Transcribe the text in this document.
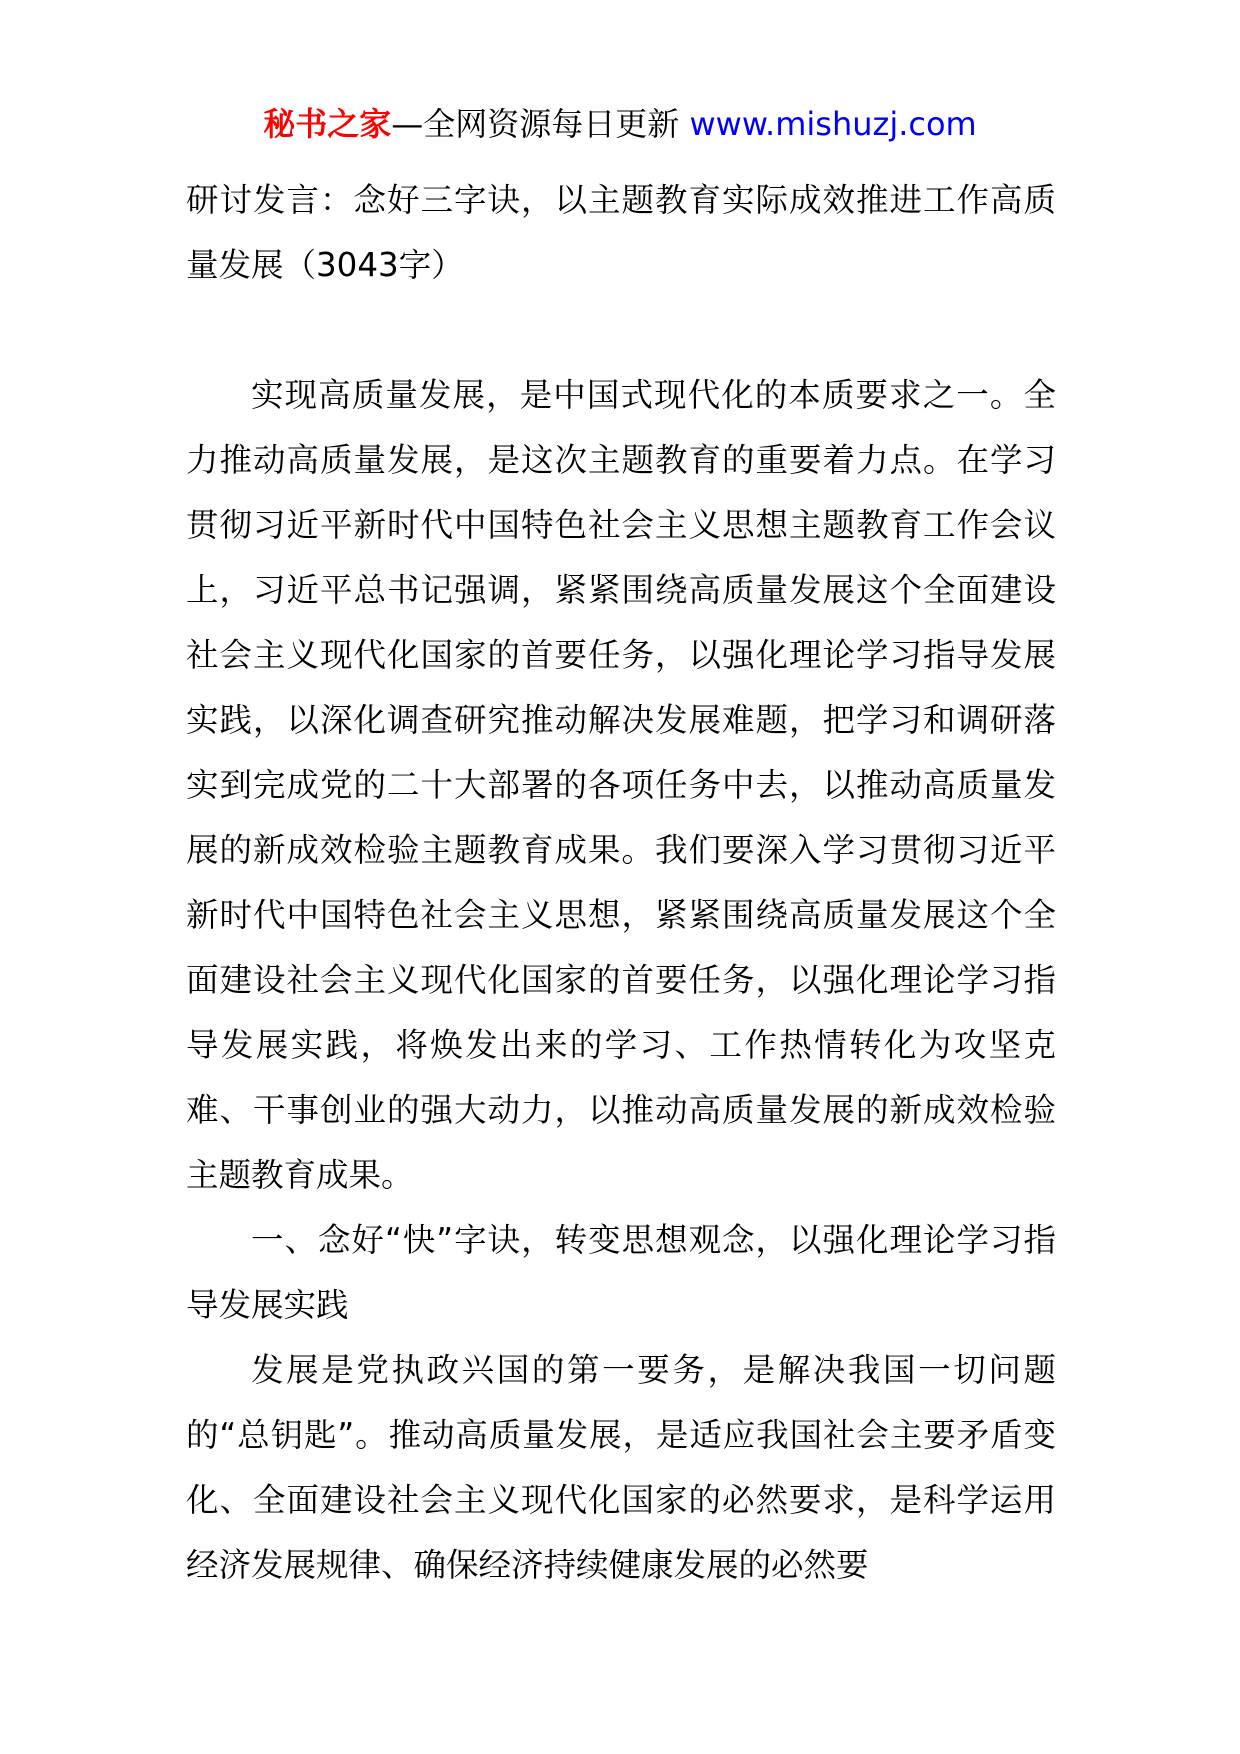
秘书之家—全网资源每日更新 www.mishuzj.com

研讨发言：念好三字诀，以主题教育实际成效推进工作高质量发展（3043字）

实现高质量发展，是中国式现代化的本质要求之一。全力推动高质量发展，是这次主题教育的重要着力点。在学习贯彻习近平新时代中国特色社会主义思想主题教育工作会议上，习近平总书记强调，紧紧围绕高质量发展这个全面建设社会主义现代化国家的首要任务，以强化理论学习指导发展实践，以深化调查研究推动解决发展难题，把学习和调研落实到完成党的二十大部署的各项任务中去，以推动高质量发展的新成效检验主题教育成果。我们要深入学习贯彻习近平新时代中国特色社会主义思想，紧紧围绕高质量发展这个全面建设社会主义现代化国家的首要任务，以强化理论学习指导发展实践，将焕发出来的学习、工作热情转化为攻坚克难、干事创业的强大动力，以推动高质量发展的新成效检验主题教育成果。

一、念好“快”字诀，转变思想观念，以强化理论学习指导发展实践

发展是党执政兴国的第一要务，是解决我国一切问题的“总钥匙”。推动高质量发展，是适应我国社会主要矛盾变化、全面建设社会主义现代化国家的必然要求，是科学运用经济发展规律、确保经济持续健康发展的必然要
